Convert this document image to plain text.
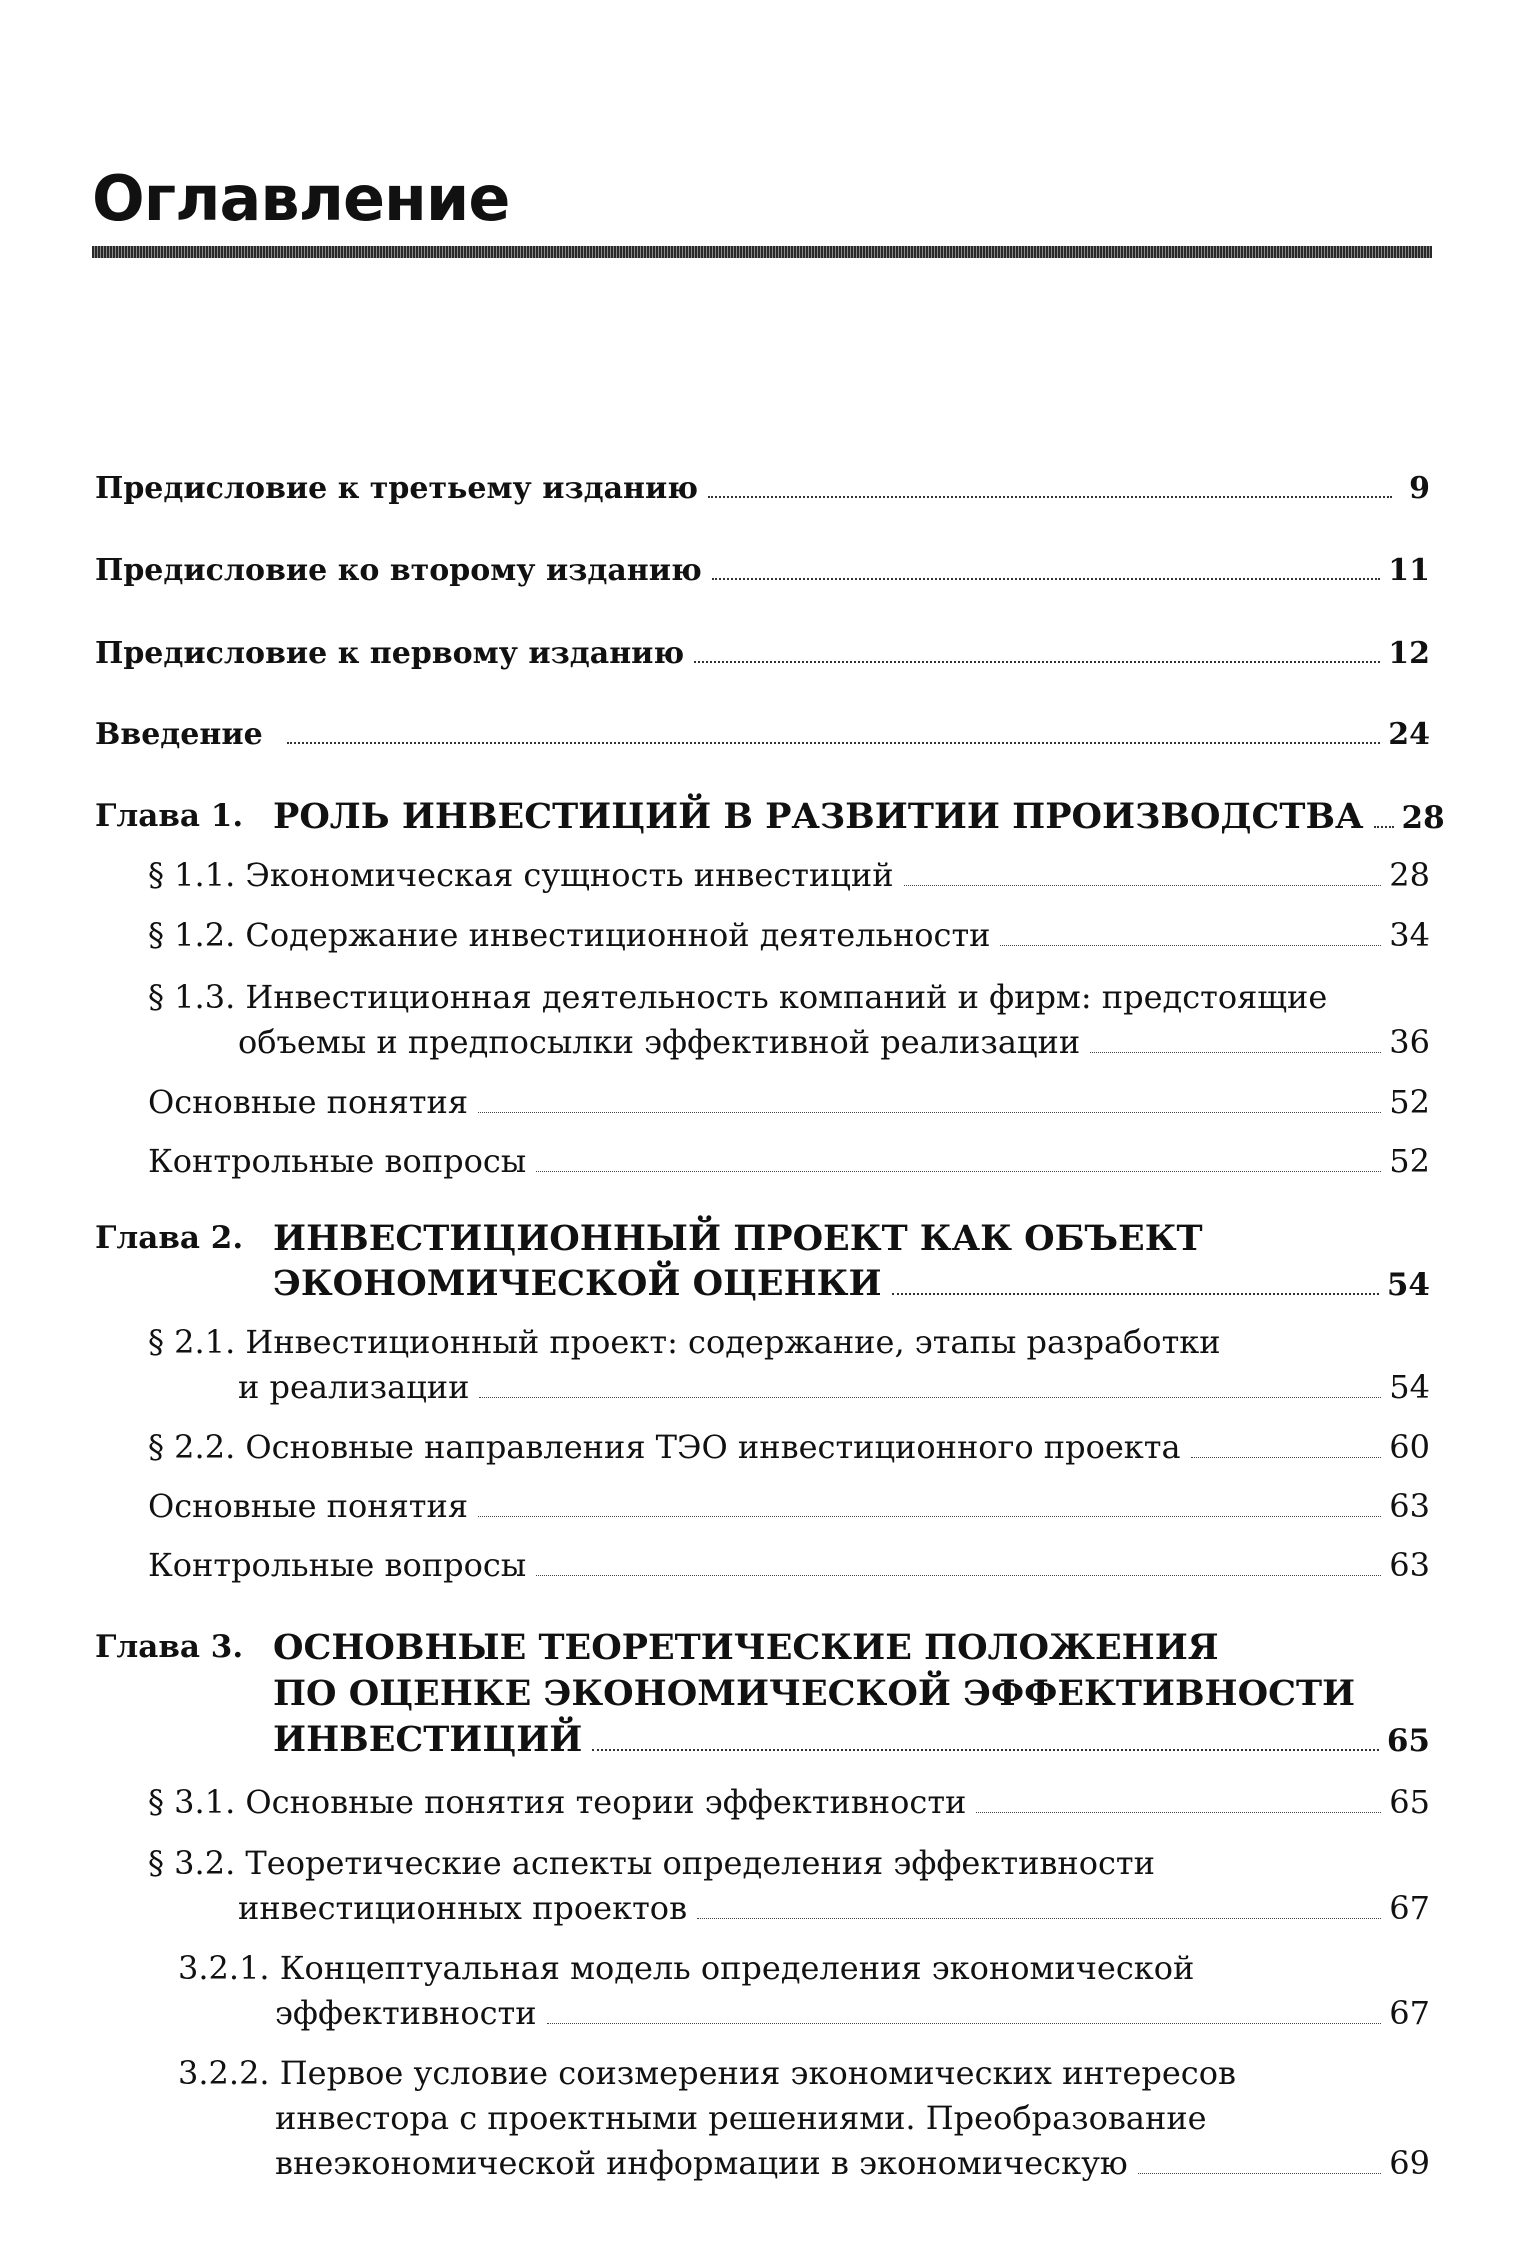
Оглавление
Предисловие к третьему изданию	9
Предисловие ко второму изданию	11
Предисловие к первому изданию	12
Введение	24
Глава 1. РОЛЬ ИНВЕСТИЦИЙ В РАЗВИТИИ ПРОИЗВОДСТВА 28
§ 1.1. Экономическая сущность инвестиций	28
§ 1.2. Содержание инвестиционной деятельности	34
§ 1.3. Инвестиционная деятельность компаний и фирм: предстоящие
объемы и предпосылки эффективной реализации	36
Основные понятия	52
Контрольные вопросы	52
Глава 2. ИНВЕСТИЦИОННЫЙ ПРОЕКТ КАК ОБЪЕКТ
ЭКОНОМИЧЕСКОЙ ОЦЕНКИ	54
§ 2.1. Инвестиционный проект: содержание, этапы разработки
и реализации	54
§ 2.2. Основные направления ТЭО инвестиционного проекта	60
Основные понятия	63
Контрольные вопросы	63
Глава 3. ОСНОВНЫЕ ТЕОРЕТИЧЕСКИЕ ПОЛОЖЕНИЯ
ПО ОЦЕНКЕ ЭКОНОМИЧЕСКОЙ ЭФФЕКТИВНОСТИ
ИНВЕСТИЦИЙ	65
§ 3.1. Основные понятия теории эффективности	65
§ 3.2. Теоретические аспекты определения эффективности
инвестиционных проектов	67
3.2.1. Концептуальная модель определения экономической
эффективности	67
3.2.2. Первое условие соизмерения экономических интересов
инвестора с проектными решениями. Преобразование
внеэкономической информации в экономическую	69
